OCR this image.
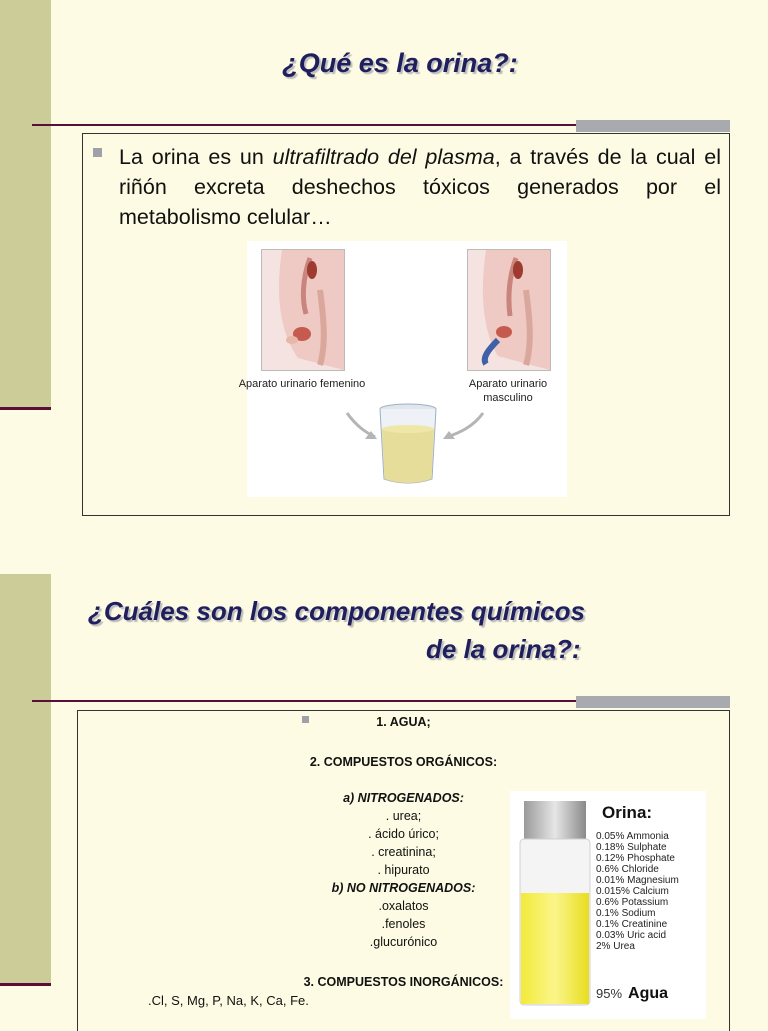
¿Qué es la orina?:

La orina es un ultrafiltrado del plasma, a través de la cual el riñón excreta deshechos tóxicos generados por el metabolismo celular…

Aparato urinario femenino	Aparato urinario masculino
¿Cuáles son los componentes químicos
de la orina?:

1. AGUA;

2. COMPUESTOS ORGÁNICOS:

a) NITROGENADOS:

. urea;

. ácido úrico;

. creatinina;

. hipurato

b) NO NITROGENADOS:

.oxalatos

.fenoles

.glucurónico

3. COMPUESTOS INORGÁNICOS:

.Cl, S, Mg, P, Na, K, Ca, Fe.

Orina:

0.05% Ammonia
0.18% Sulphate
0.12% Phosphate
0.6% Chloride
0.01% Magnesium
0.015% Calcium
0.6% Potassium
0.1% Sodium
0.1% Creatinine
0.03% Uric acid
2% Urea

95% Agua
